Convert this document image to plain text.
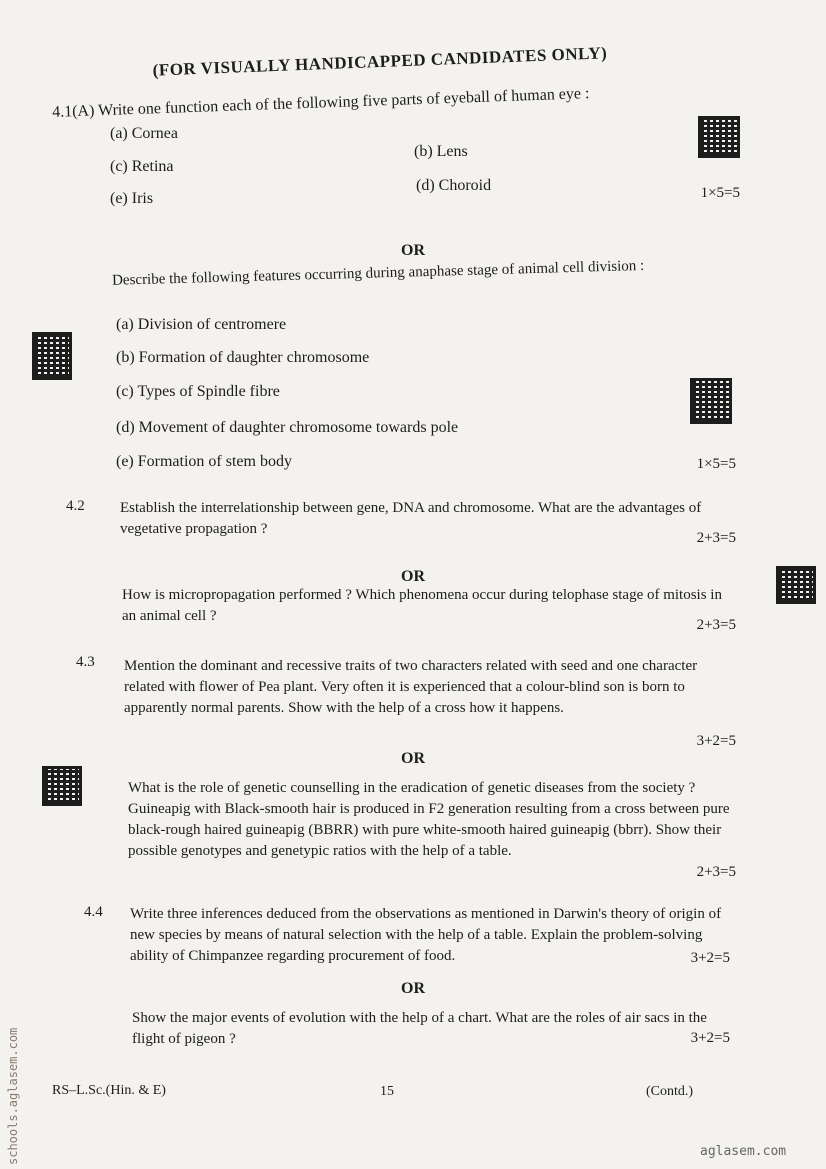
(FOR VISUALLY HANDICAPPED CANDIDATES ONLY)
4.1(A) Write one function each of the following five parts of eyeball of human eye :
(a) Cornea
(b) Lens
(c) Retina
(d) Choroid
(e) Iris	1×5=5
OR
Describe the following features occurring during anaphase stage of animal cell division :
(a) Division of centromere
(b) Formation of daughter chromosome
(c) Types of Spindle fibre
(d) Movement of daughter chromosome towards pole
(e) Formation of stem body	1×5=5
4.2 Establish the interrelationship between gene, DNA and chromosome. What are the advantages of vegetative propagation ?
2+3=5
OR
How is micropropagation performed ? Which phenomena occur during telophase stage of mitosis in an animal cell ?
2+3=5
4.3 Mention the dominant and recessive traits of two characters related with seed and one character related with flower of Pea plant. Very often it is experienced that a colour-blind son is born to apparently normal parents. Show with the help of a cross how it happens.
3+2=5
OR
What is the role of genetic counselling in the eradication of genetic diseases from the society ? Guineapig with Black-smooth hair is produced in F2 generation resulting from a cross between pure black-rough haired guineapig (BBRR) with pure white-smooth haired guineapig (bbrr). Show their possible genotypes and genetypic ratios with the help of a table.
2+3=5
4.4 Write three inferences deduced from the observations as mentioned in Darwin's theory of origin of new species by means of natural selection with the help of a table. Explain the problem-solving ability of Chimpanzee regarding procurement of food.	3+2=5
OR
Show the major events of evolution with the help of a chart. What are the roles of air sacs in the flight of pigeon ?	3+2=5
RS–L.Sc.(Hin. & E)	15	(Contd.)
schools.aglasem.com	aglasem.com
